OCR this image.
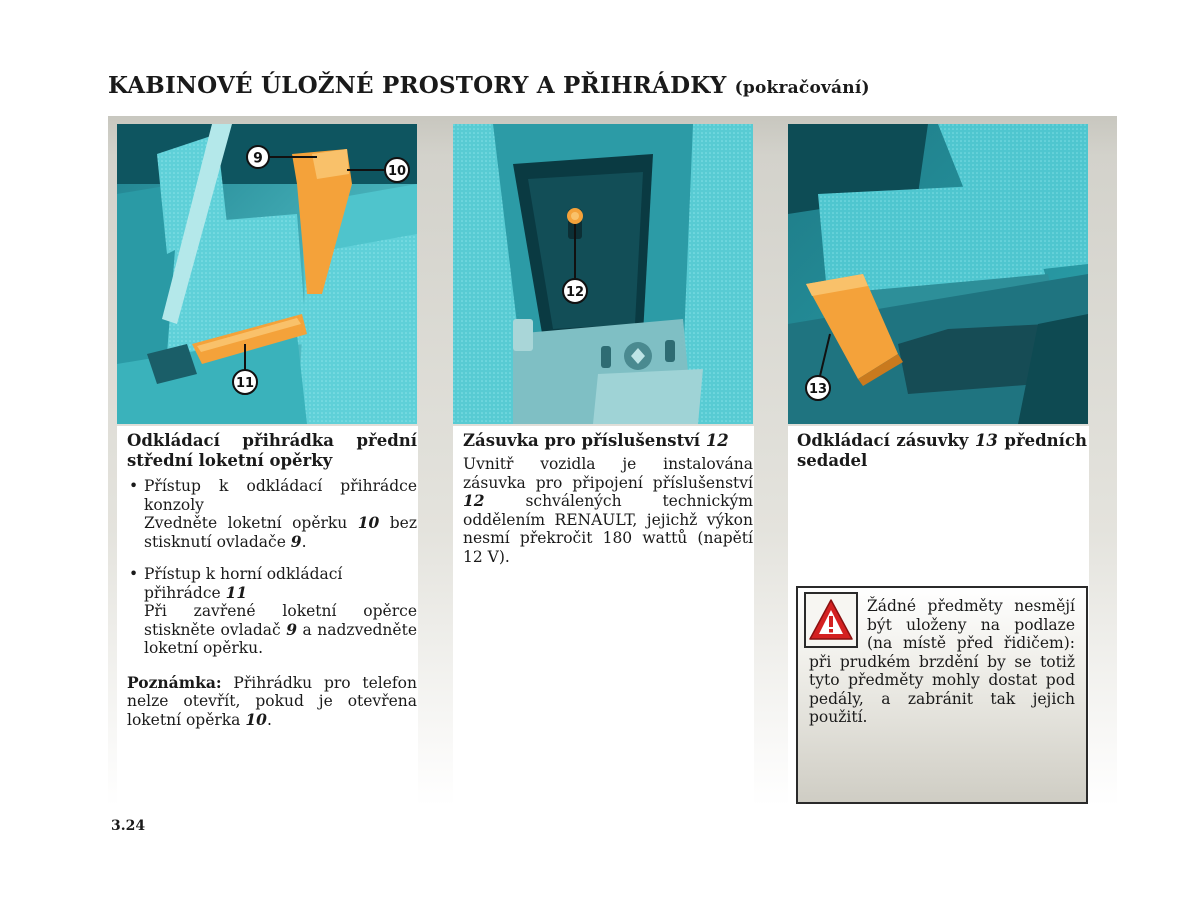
KABINOVÉ ÚLOŽNÉ PROSTORY A PŘIHRÁDKY (pokračování)
9
10
11
12
13
Odkládací přihrádka přední střední loketní opěrky
• Přístup k odkládací přihrádce konzoly
Zvedněte loketní opěrku 10 bez stisknutí ovladače 9.
• Přístup k horní odkládací přihrádce 11
Při zavřené loketní opěrce stiskněte ovladač 9 a nadzvedněte loketní opěrku.
Poznámka: Přihrádku pro telefon nelze otevřít, pokud je otevřena loketní opěrka 10.
Zásuvka pro příslušenství 12
Uvnitř vozidla je instalována zásuvka pro připojení příslušenství 12 schválených technickým oddělením RENAULT, jejichž výkon nesmí překročit 180 wattů (napětí 12 V).
Odkládací zásuvky 13 předních sedadel
Žádné předměty nesmějí být uloženy na podlaze (na místě před řidičem): při prudkém brzdění by se totiž tyto předměty mohly dostat pod pedály, a zabránit tak jejich použití.
3.24
